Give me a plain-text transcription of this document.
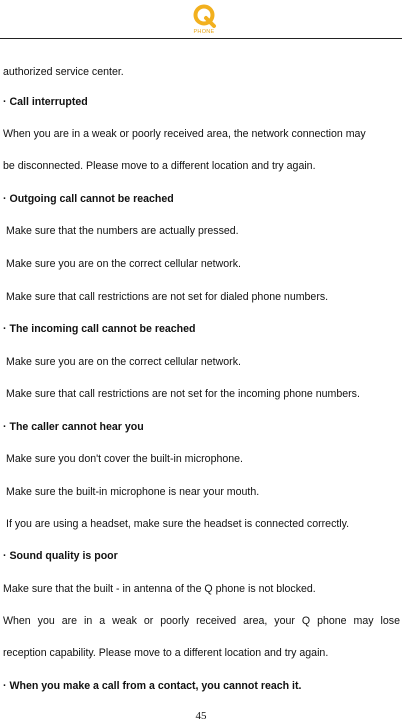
PHONE
authorized service center.
· Call interrupted
When you are in a weak or poorly received area, the network connection may
be disconnected. Please move to a different location and try again.
· Outgoing call cannot be reached
Make sure that the numbers are actually pressed.
Make sure you are on the correct cellular network.
Make sure that call restrictions are not set for dialed phone numbers.
· The incoming call cannot be reached
Make sure you are on the correct cellular network.
Make sure that call restrictions are not set for the incoming phone numbers.
· The caller cannot hear you
Make sure you don't cover the built-in microphone.
Make sure the built-in microphone is near your mouth.
If you are using a headset, make sure the headset is connected correctly.
· Sound quality is poor
Make sure that the built - in antenna of the Q phone is not blocked.
When you are in a weak or poorly received area, your Q phone may lose
reception capability. Please move to a different location and try again.
· When you make a call from a contact, you cannot reach it.
45
